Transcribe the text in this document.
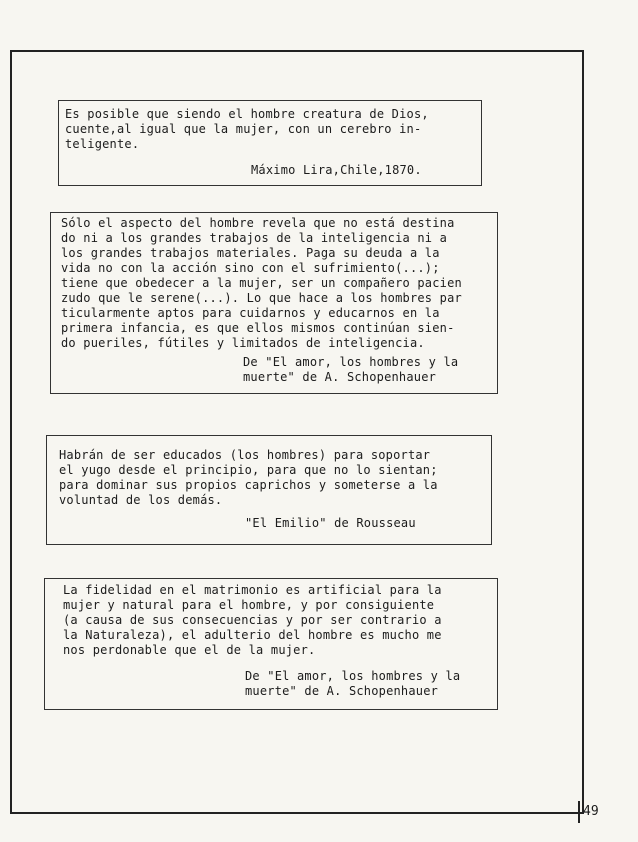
Es posible que siendo el hombre creatura de Dios,
cuente,al igual que la mujer, con un cerebro in-
teligente.

Máximo Lira,Chile,1870.

Sólo el aspecto del hombre revela que no está destina
do ni a los grandes trabajos de la inteligencia ni a
los grandes trabajos materiales. Paga su deuda a la
vida no con la acción sino con el sufrimiento(...);
tiene que obedecer a la mujer, ser un compañero pacien
zudo que le serene(...). Lo que hace a los hombres par
ticularmente aptos para cuidarnos y educarnos en la
primera infancia, es que ellos mismos continúan sien-
do pueriles, fútiles y limitados de inteligencia.

De "El amor, los hombres y la
muerte" de A. Schopenhauer

Habrán de ser educados (los hombres) para soportar
el yugo desde el principio, para que no lo sientan;
para dominar sus propios caprichos y someterse a la
voluntad de los demás.

"El Emilio" de Rousseau

La fidelidad en el matrimonio es artificial para la
mujer y natural para el hombre, y por consiguiente
(a causa de sus consecuencias y por ser contrario a
la Naturaleza), el adulterio del hombre es mucho me
nos perdonable que el de la mujer.

De "El amor, los hombres y la
muerte" de A. Schopenhauer

49
